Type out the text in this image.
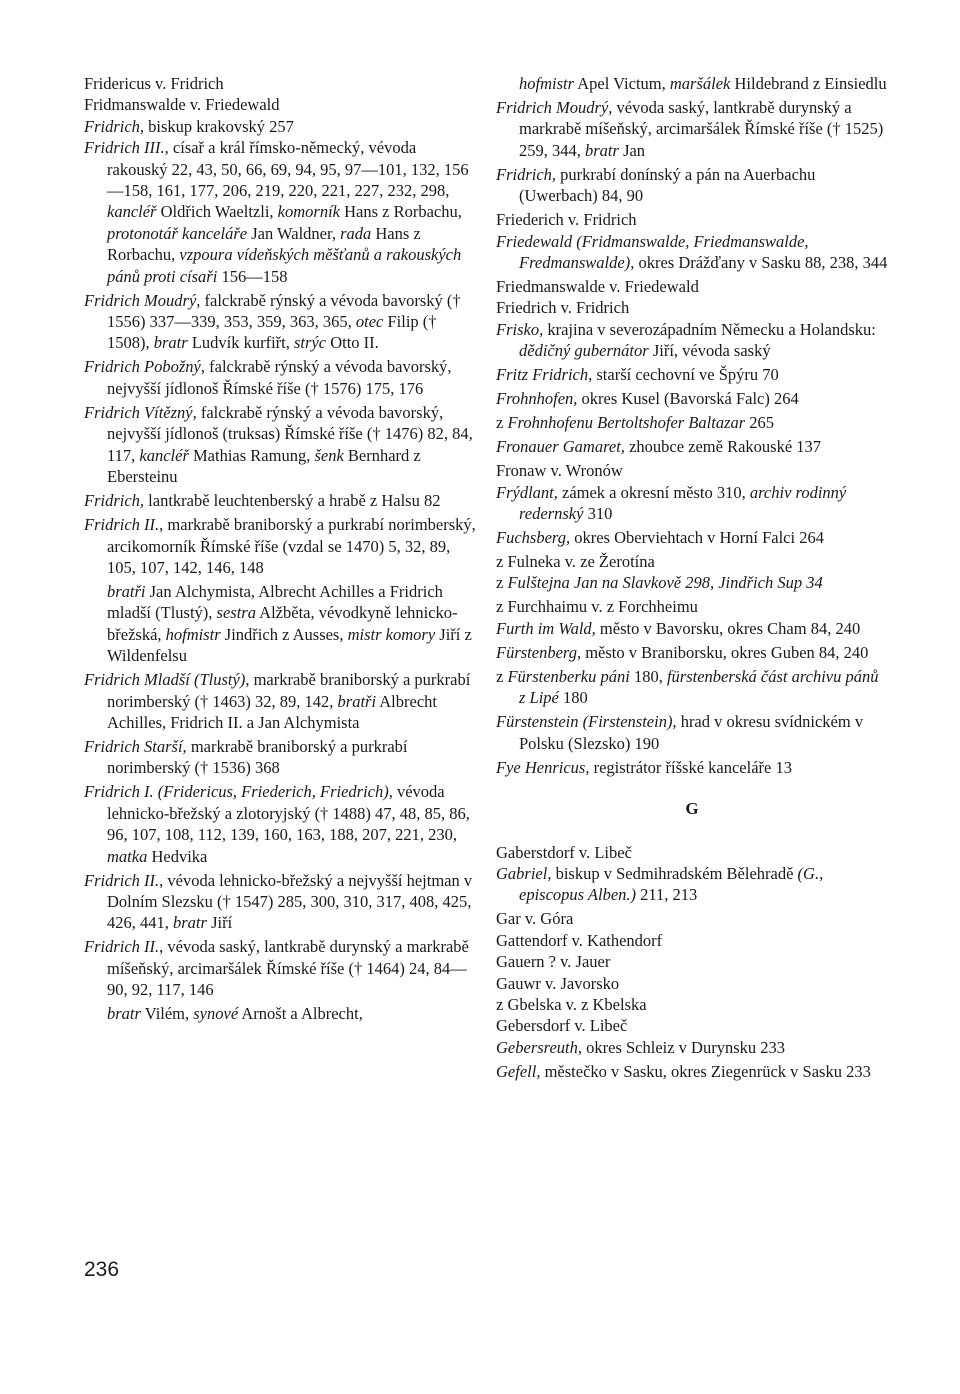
Fridericus v. Fridrich
Fridmanswalde v. Friedewald
Fridrich, biskup krakovský 257
Fridrich III., císař a král římsko-německý, vévoda rakouský 22, 43, 50, 66, 69, 94, 95, 97—101, 132, 156—158, 161, 177, 206, 219, 220, 221, 227, 232, 298, kancléř Oldřich Waeltzli, komorník Hans z Rorbachu, protonotář kanceláře Jan Waldner, rada Hans z Rorbachu, vzpoura vídeňských měšťanů a rakouských pánů proti císaři 156—158
Fridrich Moudrý, falckrabě rýnský a vévoda bavorský († 1556) 337—339, 353, 359, 363, 365, otec Filip († 1508), bratr Ludvík kurfiřt, strýc Otto II.
Fridrich Pobožný, falckrabě rýnský a vévoda bavorský, nejvyšší jídlonoš Římské říše († 1576) 175, 176
Fridrich Vítězný, falckrabě rýnský a vévoda bavorský, nejvyšší jídlonoš (truksas) Římské říše († 1476) 82, 84, 117, kancléř Mathias Ramung, šenk Bernhard z Ebersteinu
Fridrich, lantkrabě leuchtenberský a hrabě z Halsu 82
Fridrich II., markrabě braniborský a purkrabí norimberský, arcikomorník Římské říše (vzdal se 1470) 5, 32, 89, 105, 107, 142, 146, 148
bratři Jan Alchymista, Albrecht Achilles a Fridrich mladší (Tlustý), sestra Alžběta, vévodkyně lehnicko-břežská, hofmistr Jindřich z Ausses, mistr komory Jiří z Wildenfelsu
Fridrich Mladší (Tlustý), markrabě braniborský a purkrabí norimberský († 1463) 32, 89, 142, bratři Albrecht Achilles, Fridrich II. a Jan Alchymista
Fridrich Starší, markrabě braniborský a purkrabí norimberský († 1536) 368
Fridrich I. (Fridericus, Friederich, Friedrich), vévoda lehnicko-břežský a zlotoryjský († 1488) 47, 48, 85, 86, 96, 107, 108, 112, 139, 160, 163, 188, 207, 221, 230, matka Hedvika
Fridrich II., vévoda lehnicko-břežský a nejvyšší hejtman v Dolním Slezsku († 1547) 285, 300, 310, 317, 408, 425, 426, 441, bratr Jiří
Fridrich II., vévoda saský, lantkrabě durynský a markrabě míšeňský, arcimaršálek Římské říše († 1464) 24, 84—90, 92, 117, 146
bratr Vilém, synové Arnošt a Albrecht,
hofmistr Apel Victum, maršálek Hildebrand z Einsiedlu
Fridrich Moudrý, vévoda saský, lantkrabě durynský a markrabě míšeňský, arcimaršálek Římské říše († 1525) 259, 344, bratr Jan
Fridrich, purkrabí donínský a pán na Auerbachu (Uwerbach) 84, 90
Friederich v. Fridrich
Friedewald (Fridmanswalde, Friedmanswalde, Fredmanswalde), okres Drážďany v Sasku 88, 238, 344
Friedmanswalde v. Friedewald
Friedrich v. Fridrich
Frisko, krajina v severozápadním Německu a Holandsku: dědičný gubernátor Jiří, vévoda saský
Fritz Fridrich, starší cechovní ve Špýru 70
Frohnhofen, okres Kusel (Bavorská Falc) 264
z Frohnhofenu Bertoltshofer Baltazar 265
Fronauer Gamaret, zhoubce země Rakouské 137
Fronaw v. Wronów
Frýdlant, zámek a okresní město 310, archiv rodinný redernský 310
Fuchsberg, okres Oberviehtach v Horní Falci 264
z Fulneka v. ze Žerotína
z Fulštejna Jan na Slavkově 298, Jindřich Sup 34
z Furchhaimu v. z Forchheimu
Furth im Wald, město v Bavorsku, okres Cham 84, 240
Fürstenberg, město v Braniborsku, okres Guben 84, 240
z Fürstenberku páni 180, fürstenberská část archivu pánů z Lipé 180
Fürstenstein (Firstenstein), hrad v okresu svídnickém v Polsku (Slezsko) 190
Fye Henricus, registrátor říšské kanceláře 13
G
Gaberstdorf v. Libeč
Gabriel, biskup v Sedmihradském Bělehradě (G., episcopus Alben.) 211, 213
Gar v. Góra
Gattendorf v. Kathendorf
Gauern ? v. Jauer
Gauwr v. Javorsko
z Gbelska v. z Kbelska
Gebersdorf v. Libeč
Gebersreuth, okres Schleiz v Durynsku 233
Gefell, městečko v Sasku, okres Ziegenrück v Sasku 233
236
